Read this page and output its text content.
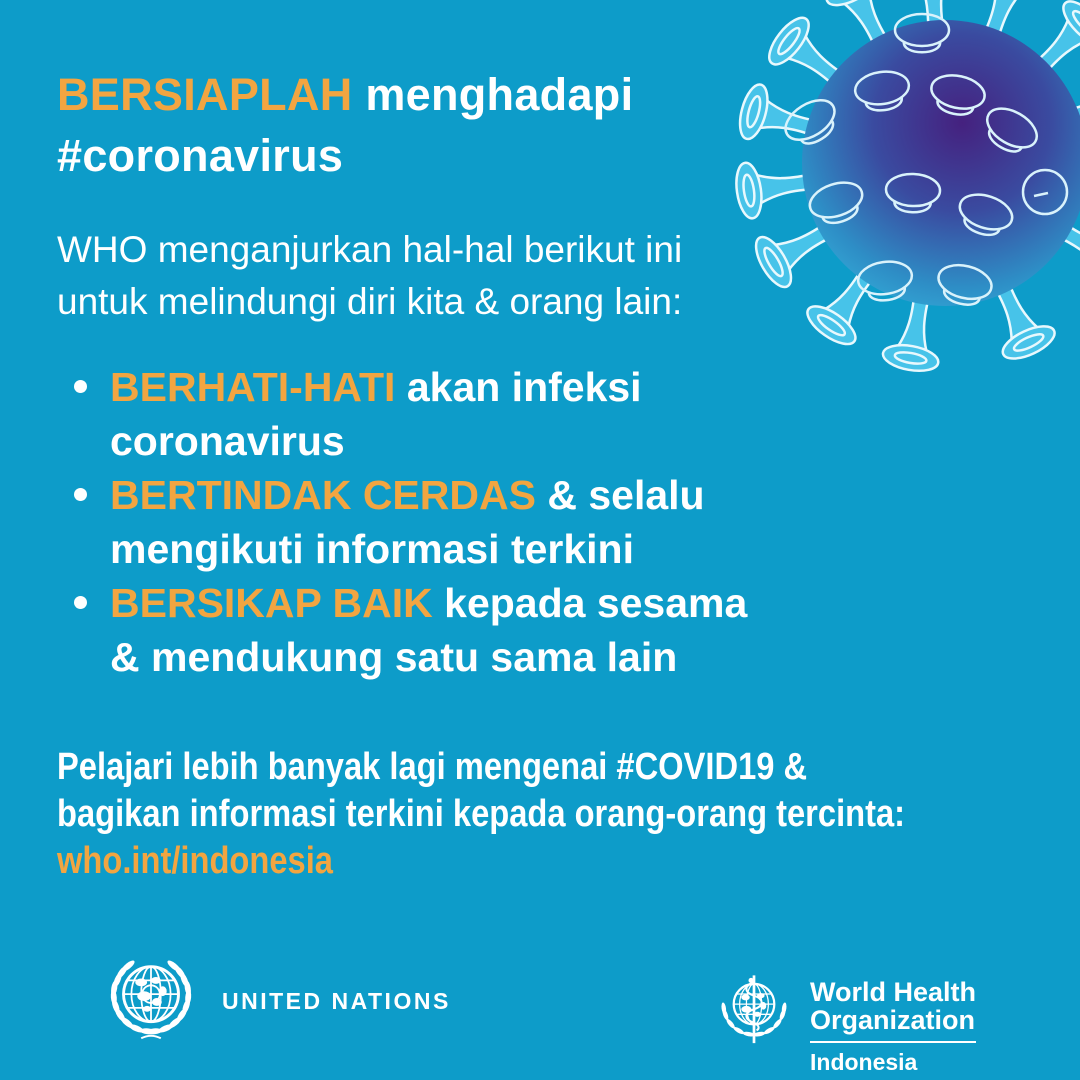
BERSIAPLAH menghadapi
#coronavirus
WHO menganjurkan hal-hal berikut ini
untuk melindungi diri kita & orang lain:
BERHATI-HATI akan infeksi
coronavirus
BERTINDAK CERDAS & selalu
mengikuti informasi terkini
BERSIKAP BAIK kepada sesama
& mendukung satu sama lain
Pelajari lebih banyak lagi mengenai #COVID19 &
bagikan informasi terkini kepada orang-orang tercinta:
who.int/indonesia
UNITED NATIONS	World Health
Organization
Indonesia
